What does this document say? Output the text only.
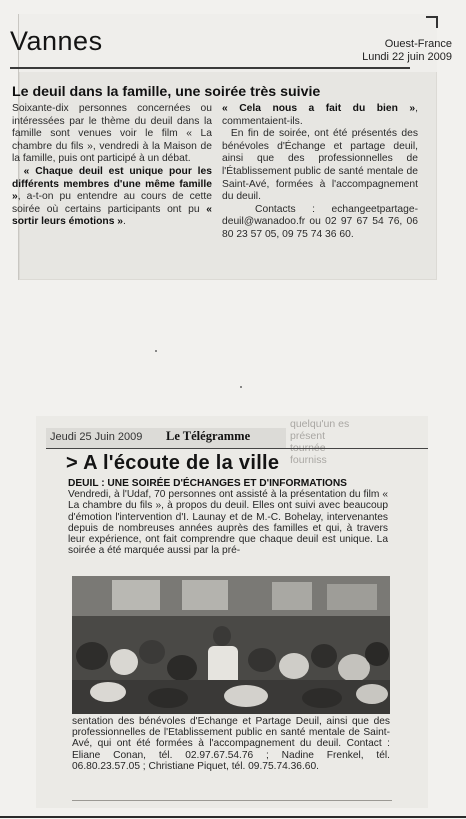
Vannes	Ouest-France
Lundi 22 juin 2009
Le deuil dans la famille, une soirée très suivie

Soixante-dix personnes concernées ou intéressées par le thème du deuil dans la famille sont venues voir le film « La chambre du fils », vendredi à la Maison de la famille, puis ont participé à un débat.

« Chaque deuil est unique pour les différents membres d'une même famille », a-t-on pu entendre au cours de cette soirée où certains participants ont pu « sortir leurs émotions ».

« Cela nous a fait du bien », commentaient-ils.

En fin de soirée, ont été présentés des bénévoles d'Échange et partage deuil, ainsi que des professionnelles de l'Établissement public de santé mentale de Saint-Avé, formées à l'accompagnement du deuil.

Contacts : echangeetpartage-deuil@wanadoo.fr ou 02 97 67 54 76, 06 80 23 57 05, 09 75 74 36 60.

quelqu'un es
présent
tournée
fourniss
Jeudi 25 Juin 2009 Le Télégramme
> A l'écoute de la ville

DEUIL : UNE SOIRÉE D'ÉCHANGES ET D'INFORMATIONS

Vendredi, à l'Udaf, 70 personnes ont assisté à la présentation du film « La chambre du fils », à propos du deuil. Elles ont suivi avec beaucoup d'émotion l'intervention d'I. Launay et de M.-C. Bohelay, intervenantes depuis de nombreuses années auprès des familles et qui, à travers leur expérience, ont fait comprendre que chaque deuil est unique. La soirée a été marquée aussi par la pré-

sentation des bénévoles d'Echange et Partage Deuil, ainsi que des professionnelles de l'Etablissement public en santé mentale de Saint-Avé, qui ont été formées à l'accompagnement du deuil. Contact : Eliane Conan, tél. 02.97.67.54.76 ; Nadine Frenkel, tél. 06.80.23.57.05 ; Christiane Piquet, tél. 09.75.74.36.60.
